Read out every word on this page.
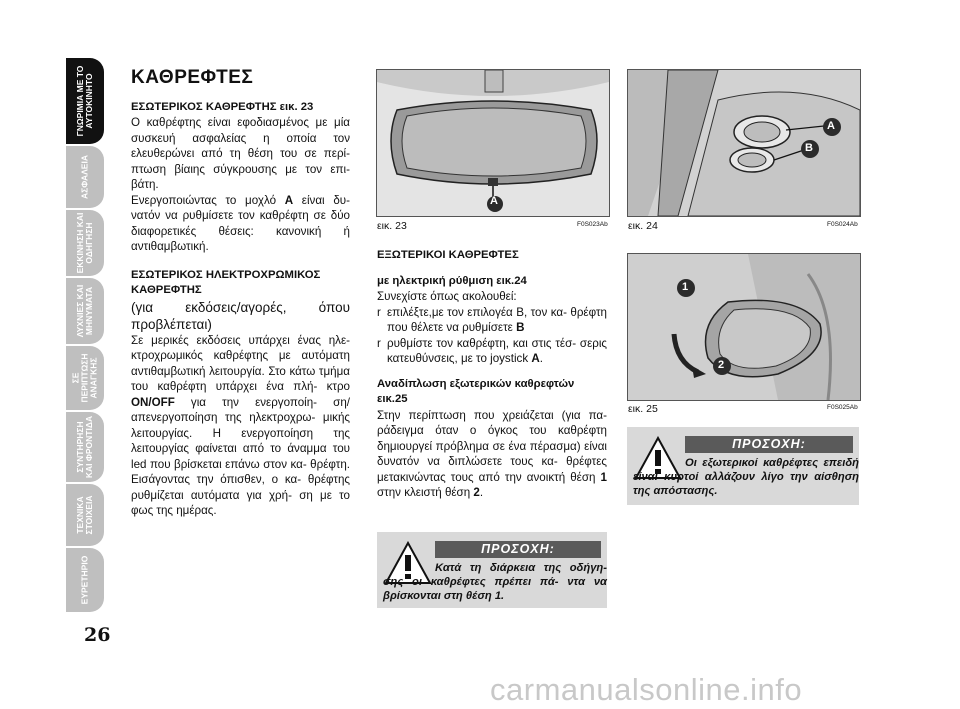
ΓΝΩΡΙΜΙΑ ΜΕ ΤΟ ΑΥΤΟΚΙΝΗΤΟ
ΑΣΦΑΛΕΙΑ
ΕΚΚΙΝΗΣΗ ΚΑΙ ΟΔΗΓΗΣΗ
ΛΥΧΝΙΕΣ ΚΑΙ ΜΗΝΥΜΑΤΑ
ΣΕ ΠΕΡΙΠΤΩΣΗ ΑΝΑΓΚΗΣ
ΣΥΝΤΗΡΗΣΗ ΚΑΙ ΦΡΟΝΤΙΔΑ
ΤΕΧΝΙΚΑ ΣΤΟΙΧΕΙΑ
ΕΥΡΕΤΗΡΙΟ
26
ΚΑΘΡΕΦΤΕΣ

ΕΣΩΤΕΡΙΚΟΣ ΚΑΘΡΕΦΤΗΣ εικ. 23

Ο καθρέφτης είναι εφοδιασμένος με μία συσκευή ασφαλείας η οποία τον ελευθερώνει από τη θέση του σε περί- πτωση βίαιης σύγκρουσης με τον επι- βάτη.

Ενεργοποιώντας το μοχλό A είναι δυ- νατόν να ρυθμίσετε τον καθρέφτη σε δύο διαφορετικές θέσεις: κανονική ή αντιθαμβωτική.

ΕΣΩΤΕΡΙΚΟΣ ΗΛΕΚΤΡΟΧΡΩΜΙΚΟΣ

ΚΑΘΡΕΦΤΗΣ

(για εκδόσεις/αγορές, όπου προβλέπεται)

Σε μερικές εκδόσεις υπάρχει ένας ηλε- κτροχρωμικός καθρέφτης με αυτόματη αντιθαμβωτική λειτουργία. Στο κάτω τμήμα του καθρέφτη υπάρχει ένα πλή- κτρο ON/OFF για την ενεργοποίη- ση/απενεργοποίηση της ηλεκτροχρω- μικής λειτουργίας. Η ενεργοποίηση της λειτουργίας φαίνεται από το άναμμα του led που βρίσκεται επάνω στον κα- θρέφτη. Εισάγοντας την όπισθεν, ο κα- θρέφτης ρυθμίζεται αυτόματα για χρή- ση με το φως της ημέρας.

A
εικ. 23	F0S023Ab
A
B
εικ. 24	F0S024Ab

ΕΞΩΤΕΡΙΚΟΙ ΚΑΘΡΕΦΤΕΣ

με ηλεκτρική ρύθμιση εικ.24

Συνεχίστε όπως ακολουθεί:

r επιλέξτε,με τον επιλογέα B, τον κα- θρέφτη που θέλετε να ρυθμίσετε B
r ρυθμίστε τον καθρέφτη, και στις τέσ- σερις κατευθύνσεις, με το joystick A.

Αναδίπλωση εξωτερικών καθρεφτών

εικ.25

Στην περίπτωση που χρειάζεται (για πα- ράδειγμα όταν ο όγκος του καθρέφτη δημιουργεί πρόβλημα σε ένα πέρασμα) είναι δυνατόν να διπλώσετε τους κα- θρέφτες μετακινώντας τους από την ανοικτή θέση 1 στην κλειστή θέση 2.

1
2
εικ. 25	F0S025Ab
ΠΡΟΣΟΧΗ:
Κατά τη διάρκεια της οδήγη- σης οι καθρέφτες πρέπει πά- ντα να βρίσκονται στη θέση 1.
ΠΡΟΣΟΧΗ:
Οι εξωτερικοί καθρέφτες επειδή είναι κυρτοί αλλάζουν λίγο την αίσθηση της απόστασης.
carmanualsonline.info
